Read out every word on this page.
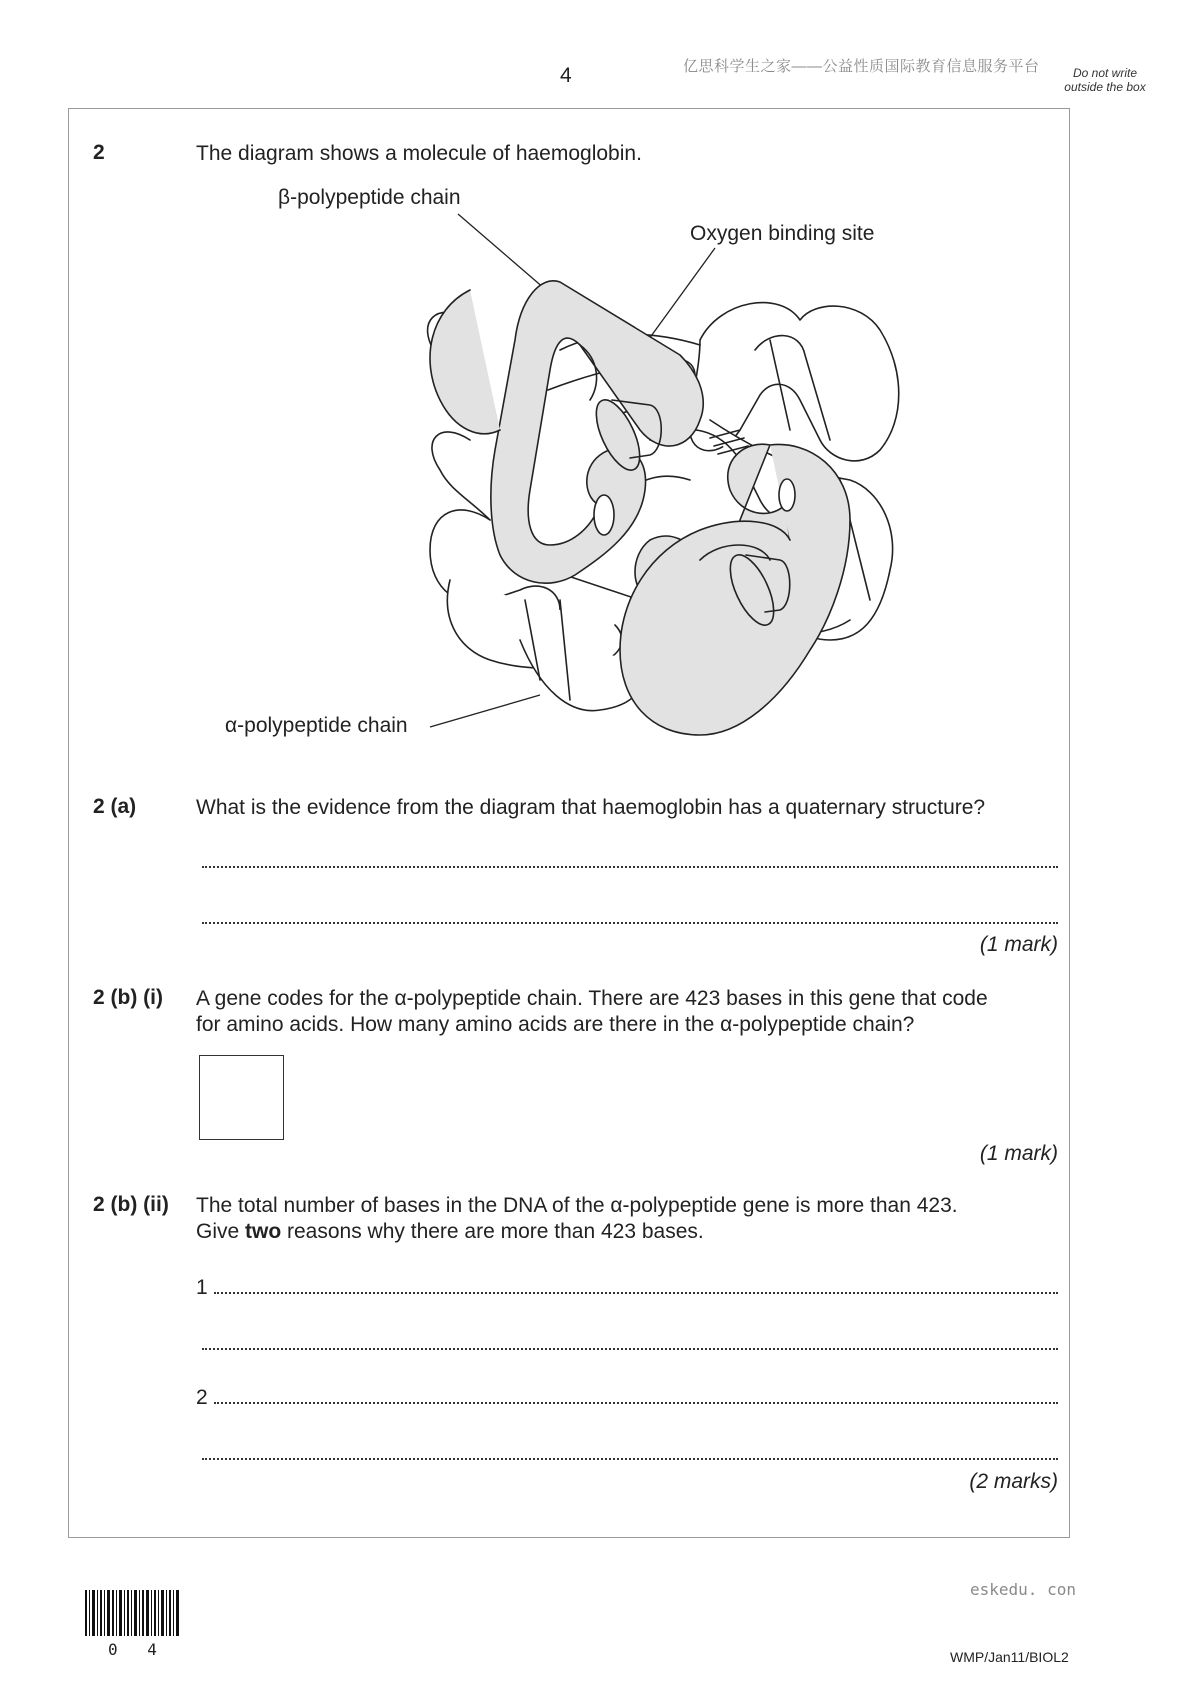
4	亿思科学生之家——公益性质国际教育信息服务平台	Do not write outside the box
2	The diagram shows a molecule of haemoglobin.
β-polypeptide chain
Oxygen binding site
α-polypeptide chain
2 (a)	What is the evidence from the diagram that haemoglobin has a quaternary structure?
(1 mark)
2 (b) (i) A gene codes for the α-polypeptide chain. There are 423 bases in this gene that code
for amino acids. How many amino acids are there in the α-polypeptide chain?
(1 mark)
2 (b) (ii) The total number of bases in the DNA of the α-polypeptide gene is more than 423.
Give two reasons why there are more than 423 bases.
1
2
(2 marks)
eskedu. con
0 4	WMP/Jan11/BIOL2
